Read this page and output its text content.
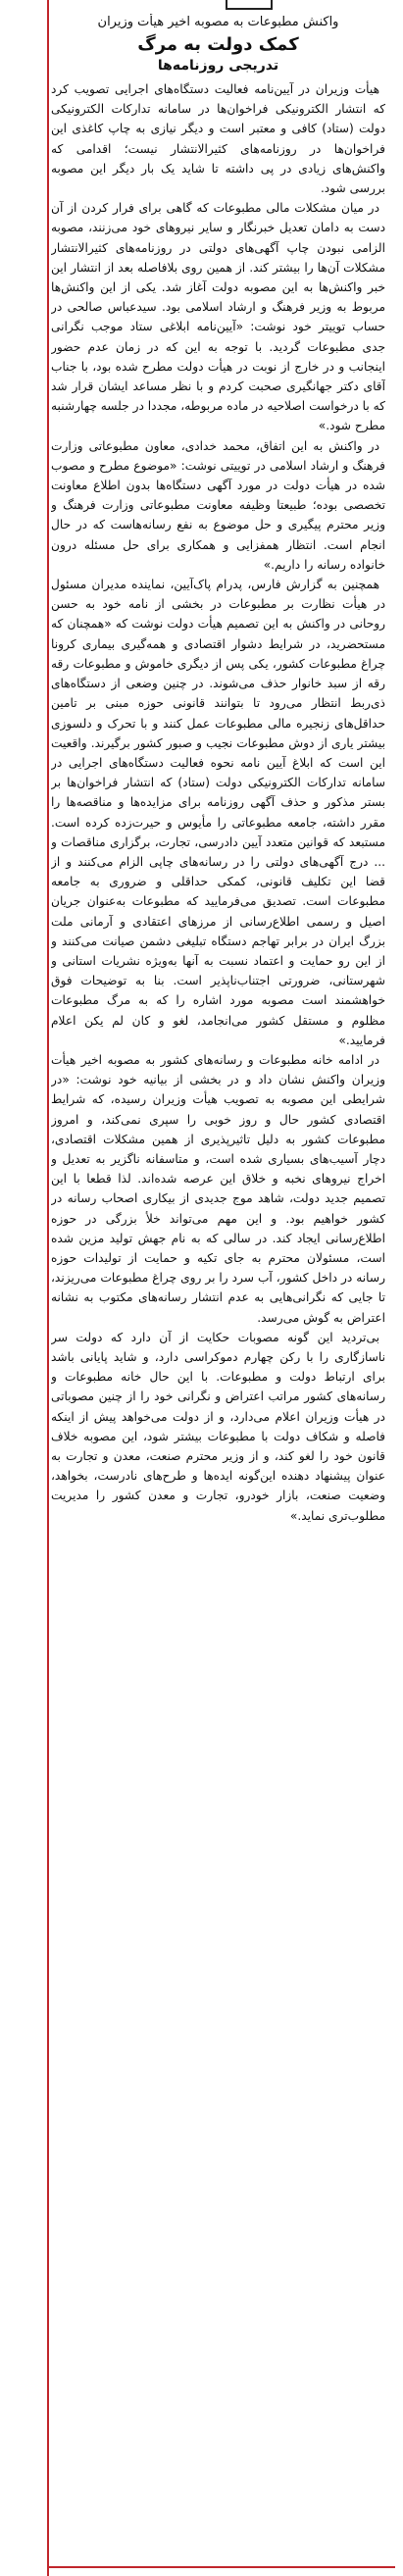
واکنش مطبوعات به مصوبه اخیر هیأت وزیران
کمک دولت به مرگ
تدریجی روزنامه‌ها

هیأت وزیران در آیین‌نامه فعالیت دستگاه‌های اجرایی تصویب کرد که انتشار الکترونیکی فراخوان‌ها در سامانه تدارکات الکترونیکی دولت (ستاد) کافی و معتبر است و دیگر نیازی به چاپ کاغذی این فراخوان‌ها در روزنامه‌های کثیرالانتشار نیست؛ اقدامی که واکنش‌های زیادی در پی داشته تا شاید یک بار دیگر این مصوبه بررسی شود.

در میان مشکلات مالی مطبوعات که گاهی برای فرار کردن از آن دست به دامان تعدیل خبرنگار و سایر نیروهای خود می‌زنند، مصوبه الزامی نبودن چاپ آگهی‌های دولتی در روزنامه‌های کثیرالانتشار مشکلات آن‌ها را بیشتر کند. از همین روی بلافاصله بعد از انتشار این خبر واکنش‌ها به این مصوبه دولت آغاز شد. یکی از این واکنش‌ها مربوط به وزیر فرهنگ و ارشاد اسلامی بود. سیدعباس صالحی در حساب توییتر خود نوشت: «آیین‌نامه ابلاغی ستاد موجب نگرانی جدی مطبوعات گردید. با توجه به این که در زمان عدم حضور اینجانب و در خارج از نوبت در هیأت دولت مطرح شده بود، با جناب آقای دکتر جهانگیری صحبت کردم و با نظر مساعد ایشان قرار شد که با درخواست اصلاحیه در ماده مربوطه، مجددا در جلسه چهارشنبه مطرح شود.»

در واکنش به این اتفاق، محمد خدادی، معاون مطبوعاتی وزارت فرهنگ و ارشاد اسلامی در توییتی نوشت: «موضوع مطرح و مصوب شده در هیأت دولت در مورد آگهی دستگاه‌ها بدون اطلاع معاونت تخصصی بوده؛ طبیعتا وظیفه معاونت مطبوعاتی وزارت فرهنگ و وزیر محترم پیگیری و حل موضوع به نفع رسانه‌هاست که در حال انجام است. انتظار همفزایی و همکاری برای حل مسئله درون خانواده رسانه را داریم.»

همچنین به گزارش فارس، پدرام پاک‌آیین، نماینده مدیران مسئول در هیأت نظارت بر مطبوعات در بخشی از نامه خود به حسن روحانی در واکنش به این تصمیم هیأت دولت نوشت که «همچنان که مستحضرید، در شرایط دشوار اقتصادی و همه‌گیری بیماری کرونا چراغ مطبوعات کشور، یکی پس از دیگری خاموش و مطبوعات رقه رقه از سبد خانوار حذف می‌شوند. در چنین وضعی از دستگاه‌های ذی‌ربط انتظار می‌رود تا بتوانند قانونی حوزه مبنی بر تامین حداقل‌های زنجیره مالی مطبوعات عمل کنند و با تحرک و دلسوزی بیشتر یاری از دوش مطبوعات نجیب و صبور کشور برگیرند. واقعیت این است که ابلاغ آیین نامه نحوه فعالیت دستگاه‌های اجرایی در سامانه تدارکات الکترونیکی دولت (ستاد) که انتشار فراخوان‌ها بر بستر مذکور و حذف آگهی روزنامه برای مزایده‌ها و مناقصه‌ها را مقرر داشته، جامعه مطبوعاتی را مأیوس و حیرت‌زده کرده است. مستبعد که قوانین متعدد آیین دادرسی، تجارت، برگزاری مناقصات و ... درج آگهی‌های دولتی را در رسانه‌های چاپی الزام می‌کنند و از قضا این تکلیف قانونی، کمکی حداقلی و ضروری به جامعه مطبوعات است. تصدیق می‌فرمایید که مطبوعات به‌عنوان جریان اصیل و رسمی اطلاع‌رسانی از مرزهای اعتقادی و آرمانی ملت بزرگ ایران در برابر تهاجم دستگاه تبلیغی دشمن صیانت می‌کنند و از این رو حمایت و اعتماد نسبت به آنها به‌ویژه نشریات استانی و شهرستانی، ضرورتی اجتناب‌ناپذیر است. بنا به توضیحات فوق خواهشمند است مصوبه مورد اشاره را که به مرگ مطبوعات مظلوم و مستقل کشور می‌انجامد، لغو و کان لم یکن اعلام فرمایید.»

در ادامه خانه مطبوعات و رسانه‌های کشور به مصوبه اخیر هیأت وزیران واکنش نشان داد و در بخشی از بیانیه خود نوشت: «در شرایطی این مصوبه به تصویب هیأت وزیران رسیده، که شرایط اقتصادی کشور حال و روز خوبی را سپری نمی‌کند، و امروز مطبوعات کشور به دلیل تاثیرپذیری از همین مشکلات اقتصادی، دچار آسیب‌های بسیاری شده است، و متاسفانه ناگزیر به تعدیل و اخراج نیروهای نخبه و خلاق این عرصه شده‌اند. لذا قطعا با این تصمیم جدید دولت، شاهد موج جدیدی از بیکاری اصحاب رسانه در کشور خواهیم بود. و این مهم می‌تواند خلأ بزرگی در حوزه اطلاع‌رسانی ایجاد کند. در سالی که به نام جهش تولید مزین شده است، مسئولان محترم به جای تکیه و حمایت از تولیدات حوزه رسانه در داخل کشور، آب سرد را بر روی چراغ مطبوعات می‌ریزند، تا جایی که نگرانی‌هایی به عدم انتشار رسانه‌های مکتوب به نشانه اعتراض به گوش می‌رسد.

بی‌تردید این گونه مصوبات حکایت از آن دارد که دولت سر ناسازگاری را با رکن چهارم دموکراسی دارد، و شاید پایانی باشد برای ارتباط دولت و مطبوعات. با این حال خانه مطبوعات و رسانه‌های کشور مراتب اعتراض و نگرانی خود را از چنین مصوباتی در هیأت وزیران اعلام می‌دارد، و از دولت می‌خواهد پیش از اینکه فاصله و شکاف دولت با مطبوعات بیشتر شود، این مصوبه خلاف قانون خود را لغو کند، و از وزیر محترم صنعت، معدن و تجارت به عنوان پیشنهاد دهنده این‌گونه ایده‌ها و طرح‌های نادرست، بخواهد، وضعیت صنعت، بازار خودرو، تجارت و معدن کشور را مدیریت مطلوب‌تری نماید.»
